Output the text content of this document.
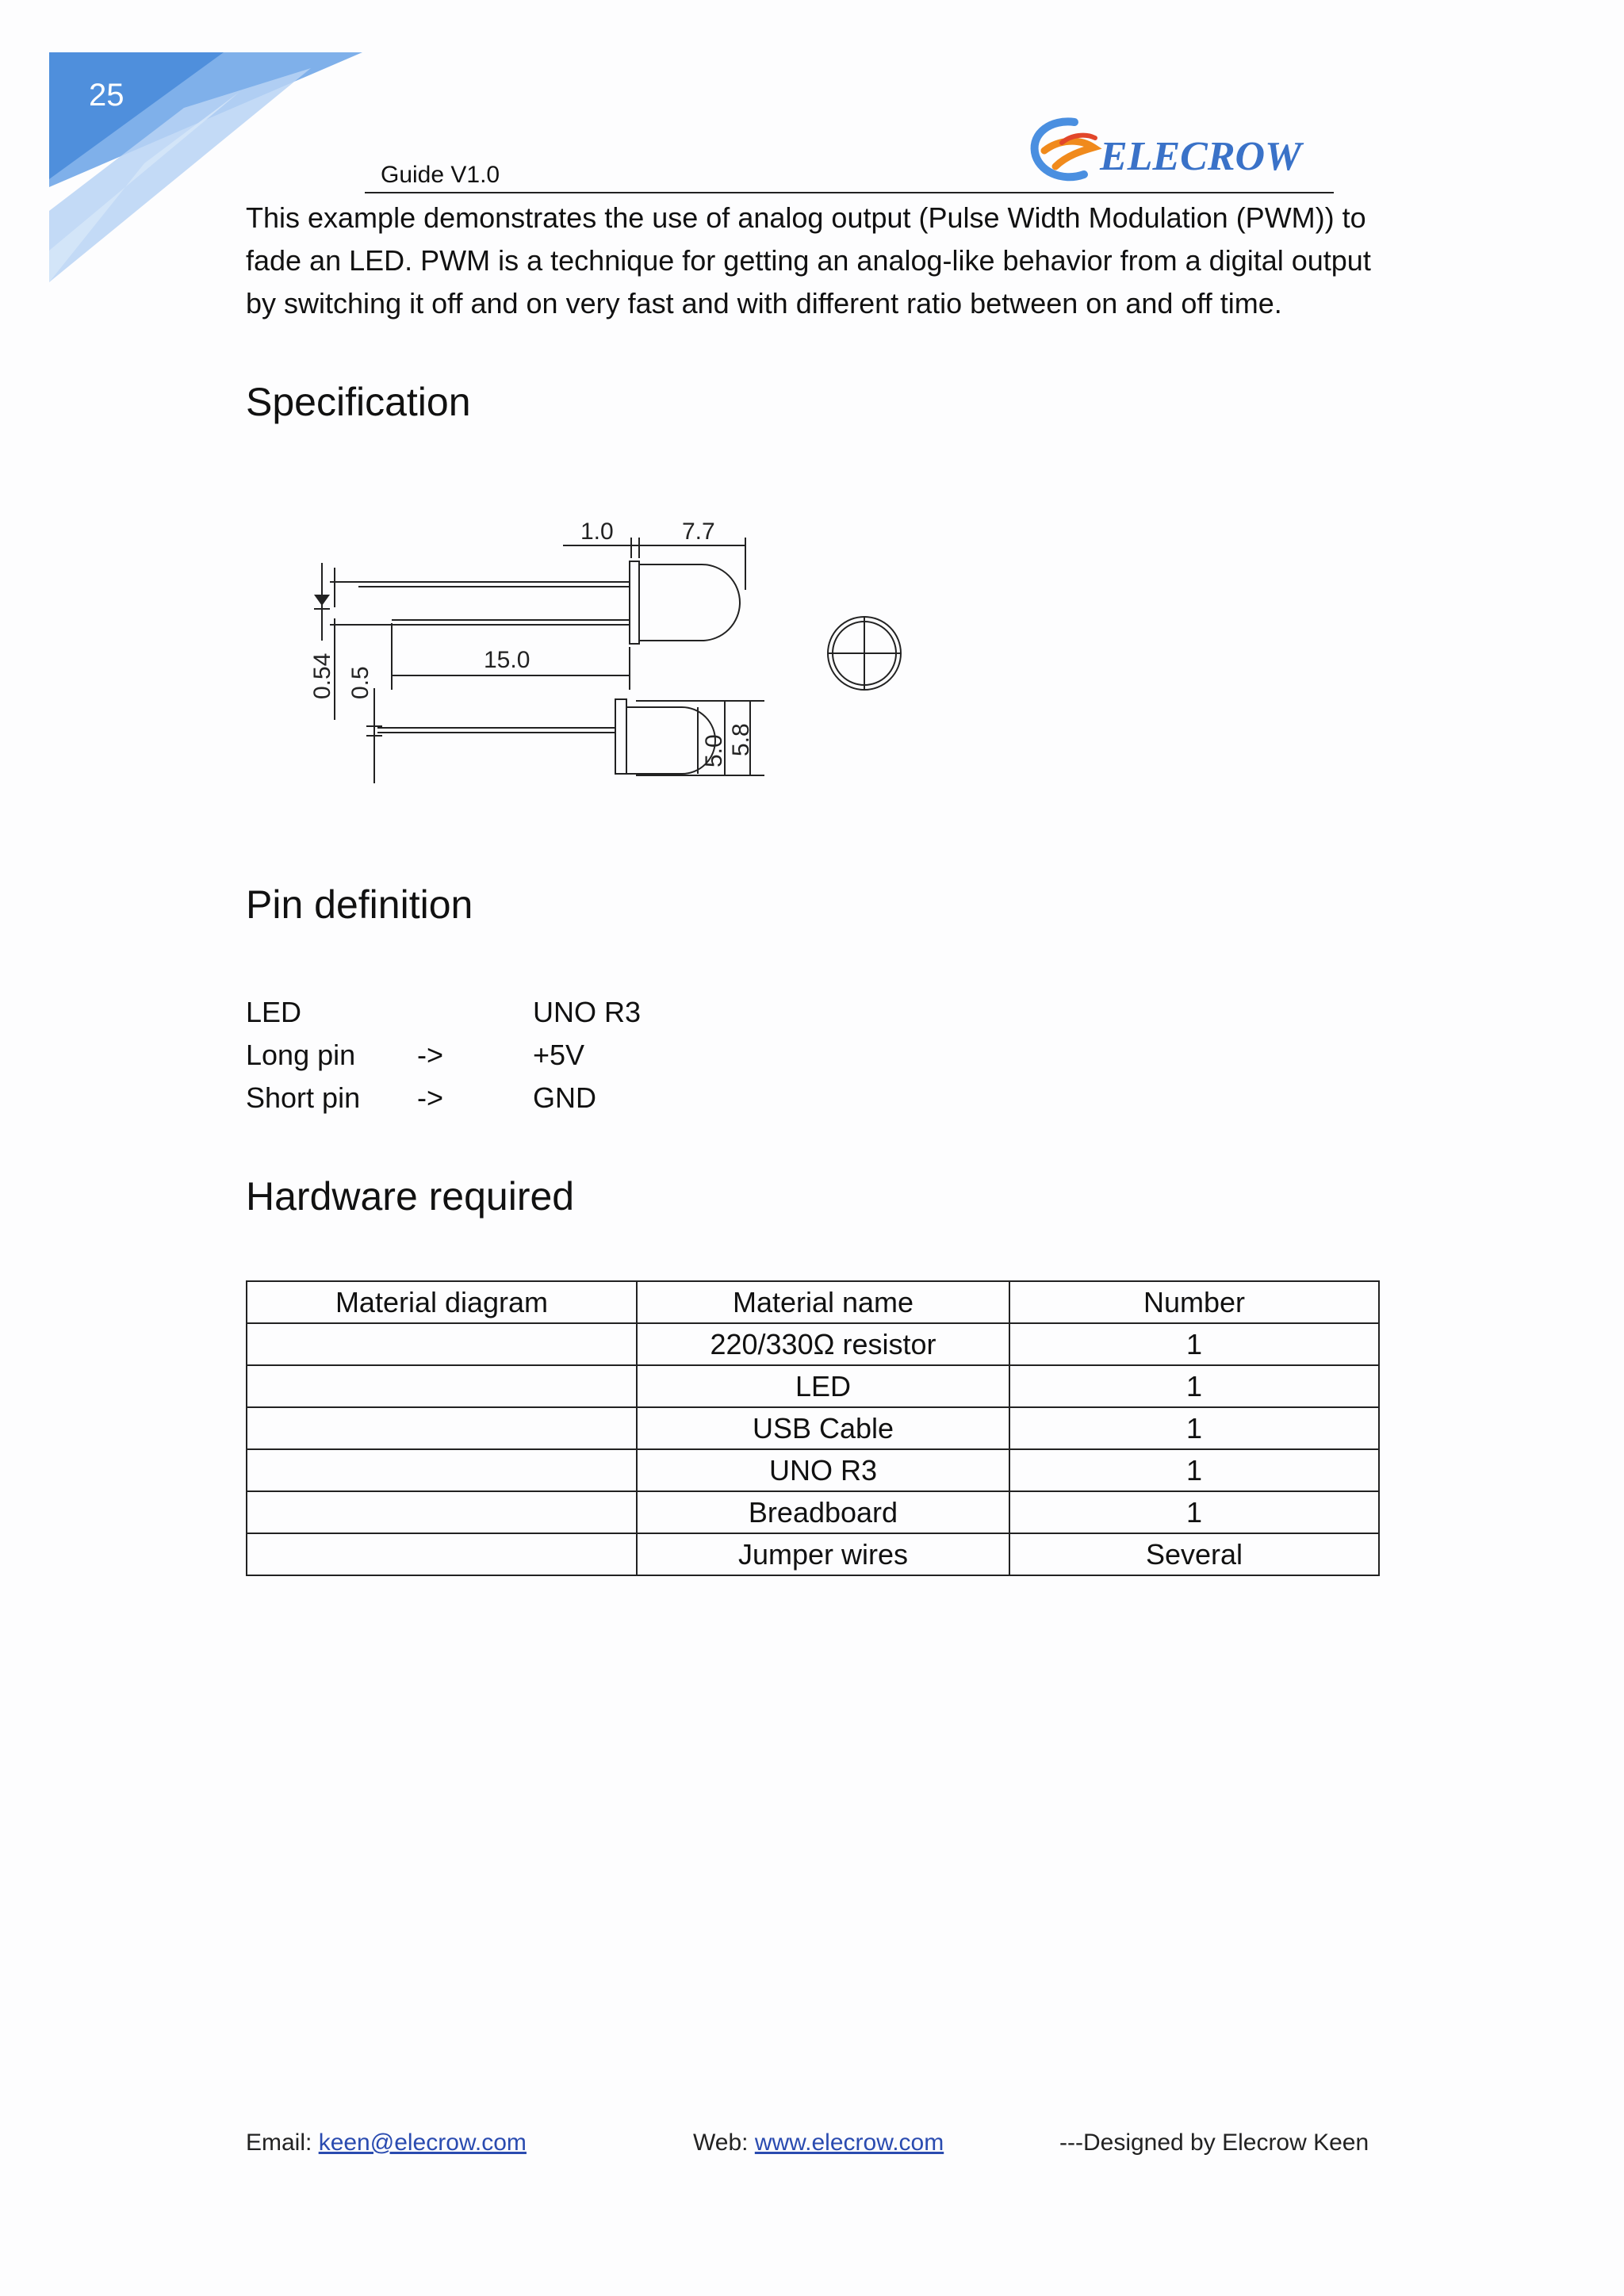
25
Guide V1.0	ELECROW

This example demonstrates the use of analog output (Pulse Width Modulation (PWM)) to fade an LED. PWM is a technique for getting an analog-like behavior from a digital output by switching it off and on very fast and with different ratio between on and off time.

Specification
1.0	7.7
15.0
0.54 0.5
5.0 5.8
Pin definition
LED	UNO R3
Long pin ->	+5V
Short pin ->	GND
Hardware required
Material diagram	Material name	Number
	220/330Ω resistor	1
	LED	1
	USB Cable	1
	UNO R3	1
	Breadboard	1
	Jumper wires	Several
Email: keen@elecrow.com	Web: www.elecrow.com	---Designed by Elecrow Keen
